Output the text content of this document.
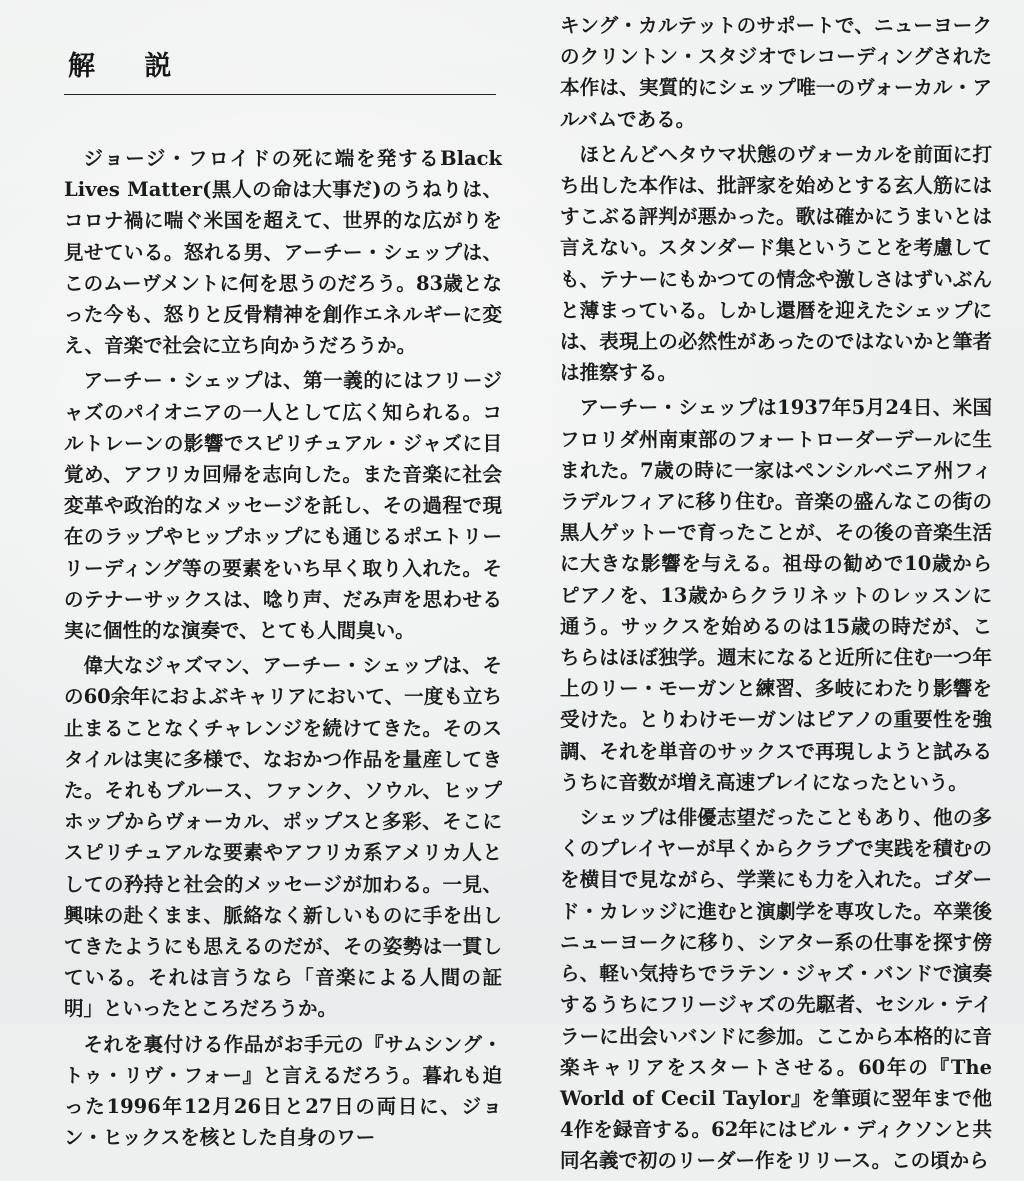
解 説

ジョージ・フロイドの死に端を発するBlack Lives Matter(黒人の命は大事だ)のうねりは、コロナ禍に喘ぐ米国を超えて、世界的な広がりを見せている。怒れる男、アーチー・シェップは、このムーヴメントに何を思うのだろう。83歳となった今も、怒りと反骨精神を創作エネルギーに変え、音楽で社会に立ち向かうだろうか。

アーチー・シェップは、第一義的にはフリージャズのパイオニアの一人として広く知られる。コルトレーンの影響でスピリチュアル・ジャズに目覚め、アフリカ回帰を志向した。また音楽に社会変革や政治的なメッセージを託し、その過程で現在のラップやヒップホップにも通じるポエトリーリーディング等の要素をいち早く取り入れた。そのテナーサックスは、唸り声、だみ声を思わせる実に個性的な演奏で、とても人間臭い。

偉大なジャズマン、アーチー・シェップは、その60余年におよぶキャリアにおいて、一度も立ち止まることなくチャレンジを続けてきた。そのスタイルは実に多様で、なおかつ作品を量産してきた。それもブルース、ファンク、ソウル、ヒップホップからヴォーカル、ポップスと多彩、そこにスピリチュアルな要素やアフリカ系アメリカ人としての矜持と社会的メッセージが加わる。一見、興味の赴くまま、脈絡なく新しいものに手を出してきたようにも思えるのだが、その姿勢は一貫している。それは言うなら「音楽による人間の証明」といったところだろうか。

それを裏付ける作品がお手元の『サムシング・トゥ・リヴ・フォー』と言えるだろう。暮れも迫った1996年12月26日と27日の両日に、ジョン・ヒックスを核とした自身のワー

キング・カルテットのサポートで、ニューヨークのクリントン・スタジオでレコーディングされた本作は、実質的にシェップ唯一のヴォーカル・アルバムである。

ほとんどヘタウマ状態のヴォーカルを前面に打ち出した本作は、批評家を始めとする玄人筋にはすこぶる評判が悪かった。歌は確かにうまいとは言えない。スタンダード集ということを考慮しても、テナーにもかつての情念や激しさはずいぶんと薄まっている。しかし還暦を迎えたシェップには、表現上の必然性があったのではないかと筆者は推察する。

アーチー・シェップは1937年5月24日、米国フロリダ州南東部のフォートローダーデールに生まれた。7歳の時に一家はペンシルベニア州フィラデルフィアに移り住む。音楽の盛んなこの街の黒人ゲットーで育ったことが、その後の音楽生活に大きな影響を与える。祖母の勧めで10歳からピアノを、13歳からクラリネットのレッスンに通う。サックスを始めるのは15歳の時だが、こちらはほぼ独学。週末になると近所に住む一つ年上のリー・モーガンと練習、多岐にわたり影響を受けた。とりわけモーガンはピアノの重要性を強調、それを単音のサックスで再現しようと試みるうちに音数が増え高速プレイになったという。

シェップは俳優志望だったこともあり、他の多くのプレイヤーが早くからクラブで実践を積むのを横目で見ながら、学業にも力を入れた。ゴダード・カレッジに進むと演劇学を専攻した。卒業後ニューヨークに移り、シアター系の仕事を探す傍ら、軽い気持ちでラテン・ジャズ・バンドで演奏するうちにフリージャズの先駆者、セシル・テイラーに出会いバンドに参加。ここから本格的に音楽キャリアをスタートさせる。60年の『The World of Cecil Taylor』を筆頭に翌年まで他4作を録音する。62年にはビル・ディクソンと共同名義で初のリーダー作をリリース。この頃から
